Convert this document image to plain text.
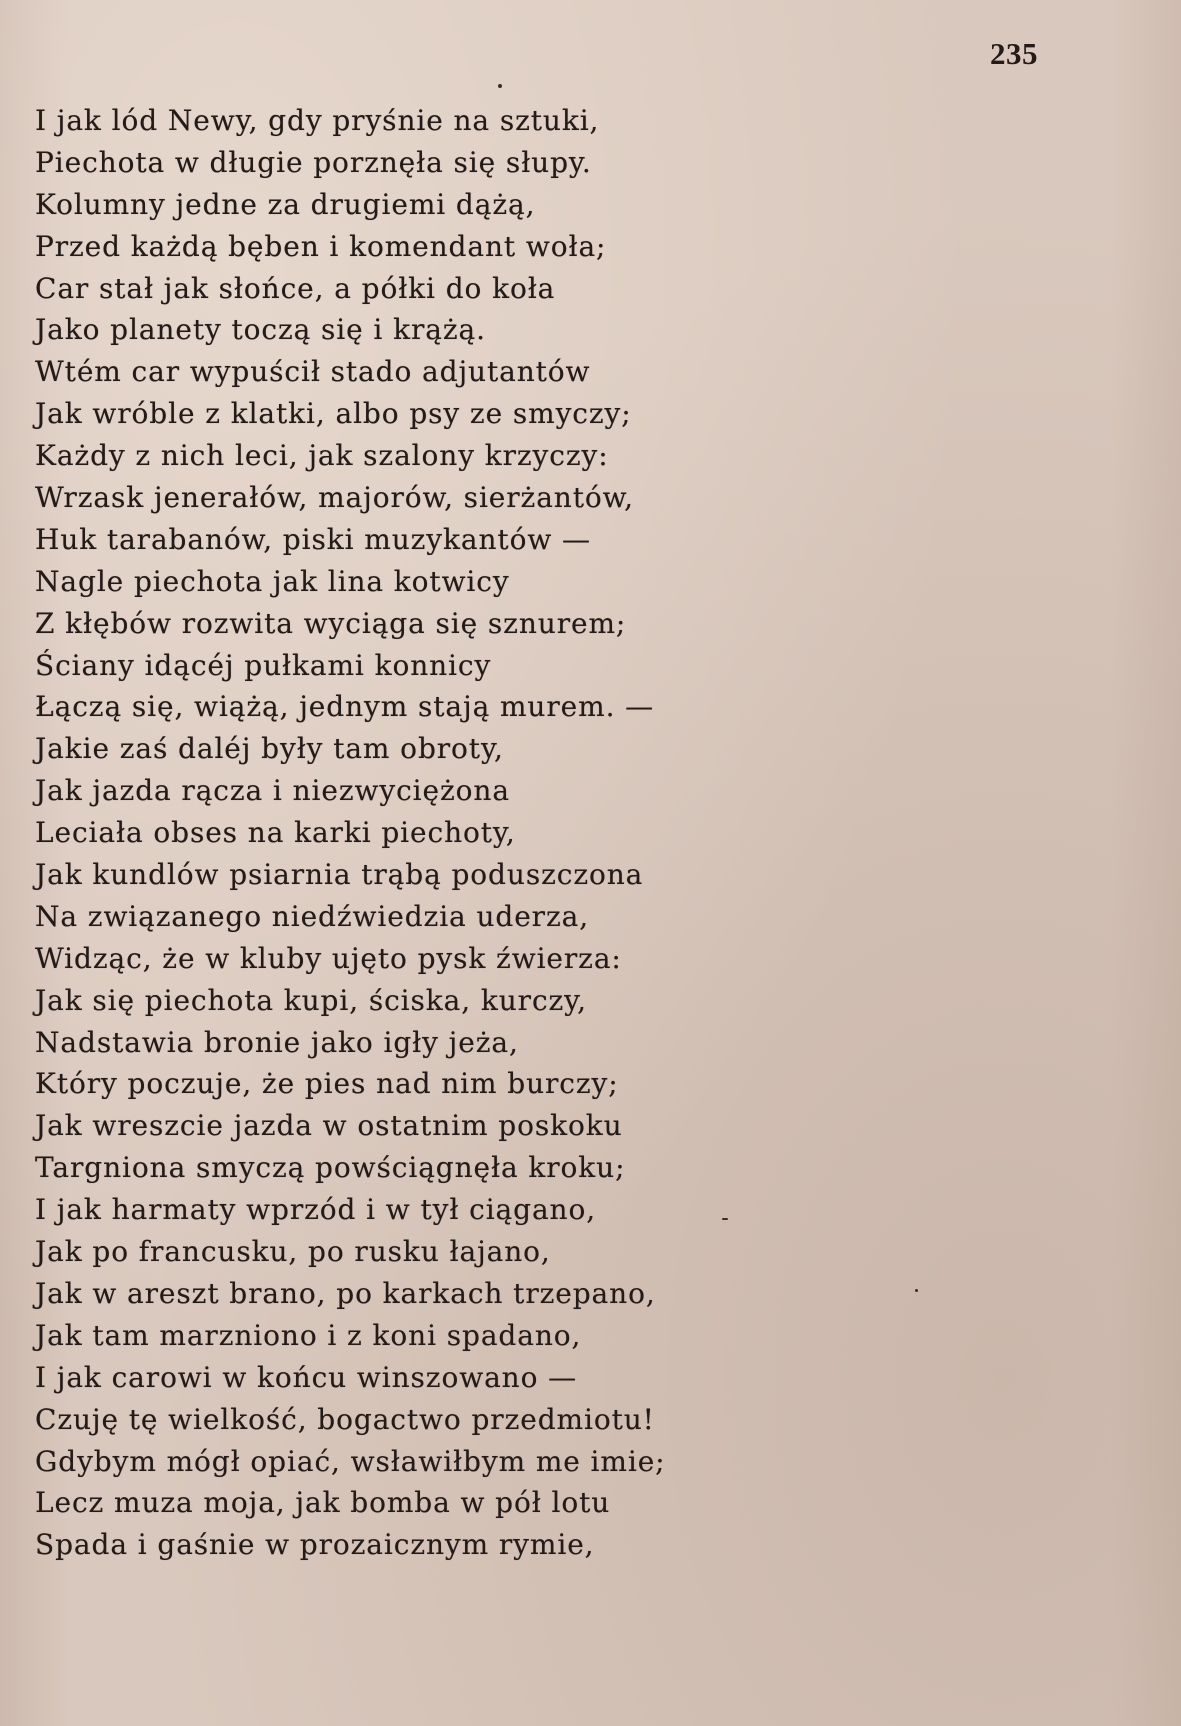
235
I jak lód Newy, gdy pryśnie na sztuki,
Piechota w długie porznęła się słupy.
Kolumny jedne za drugiemi dążą,
Przed każdą bęben i komendant woła;
Car stał jak słońce, a półki do koła
Jako planety toczą się i krążą.
Wtém car wypuścił stado adjutantów
Jak wróble z klatki, albo psy ze smyczy;
Każdy z nich leci, jak szalony krzyczy:
Wrzask jenerałów, majorów, sierżantów,
Huk tarabanów, piski muzykantów —
Nagle piechota jak lina kotwicy
Z kłębów rozwita wyciąga się sznurem;
Ściany idącéj pułkami konnicy
Łączą się, wiążą, jednym stają murem. —
Jakie zaś daléj były tam obroty,
Jak jazda rącza i niezwyciężona
Leciała obses na karki piechoty,
Jak kundlów psiarnia trąbą poduszczona
Na związanego niedźwiedzia uderza,
Widząc, że w kluby ujęto pysk źwierza:
Jak się piechota kupi, ściska, kurczy,
Nadstawia bronie jako igły jeża,
Który poczuje, że pies nad nim burczy;
Jak wreszcie jazda w ostatnim poskoku
Targniona smyczą powściągnęła kroku;
I jak harmaty wprzód i w tył ciągano,
Jak po francusku, po rusku łajano,
Jak w areszt brano, po karkach trzepano,
Jak tam marzniono i z koni spadano,
I jak carowi w końcu winszowano —
Czuję tę wielkość, bogactwo przedmiotu!
Gdybym mógł opiać, wsławiłbym me imie;
Lecz muza moja, jak bomba w pół lotu
Spada i gaśnie w prozaicznym rymie,
